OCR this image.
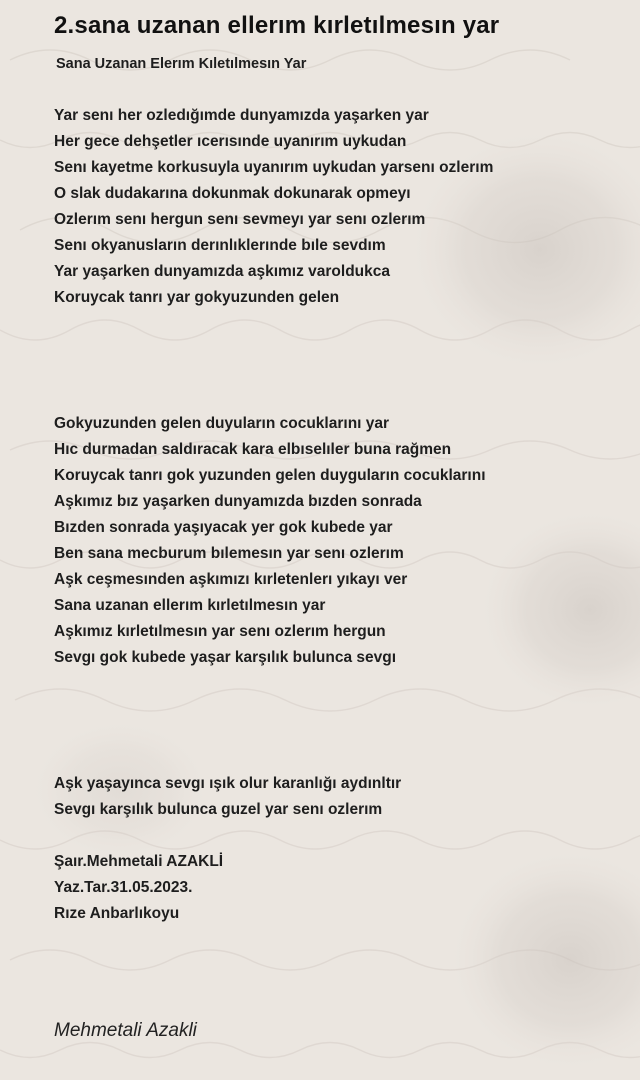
2.sana uzanan ellerım kırletılmesın yar
Sana Uzanan Elerım Kıletılmesın Yar
Yar senı her ozledığımde dunyamızda yaşarken yar
Her gece dehşetler ıcerısınde uyanırım uykudan
Senı kayetme korkusuyla uyanırım uykudan yarsenı ozlerım
O slak dudakarına dokunmak dokunarak opmeyı
Ozlerım senı hergun senı sevmeyı yar senı ozlerım
Senı okyanusların derınlıklerınde bıle sevdım
Yar yaşarken dunyamızda aşkımız varoldukca
Koruycak tanrı yar gokyuzunden gelen
Gokyuzunden gelen duyuların cocuklarını yar
Hıc durmadan saldıracak kara elbıselıler buna rağmen
Koruycak tanrı gok yuzunden gelen duyguların cocuklarını
Aşkımız bız yaşarken dunyamızda bızden sonrada
Bızden sonrada yaşıyacak yer gok kubede yar
Ben sana mecburum bılemesın yar senı ozlerım
Aşk ceşmesınden aşkımızı kırletenlerı yıkayı ver
Sana uzanan ellerım kırletılmesın yar
Aşkımız kırletılmesın yar senı ozlerım hergun
Sevgı gok kubede yaşar karşılık bulunca sevgı
Aşk yaşayınca sevgı ışık olur karanlığı aydınltır
Sevgı karşılık bulunca guzel yar senı ozlerım
Şaır.Mehmetali AZAKLİ
Yaz.Tar.31.05.2023.
Rıze Anbarlıkoyu
Mehmetali Azakli
